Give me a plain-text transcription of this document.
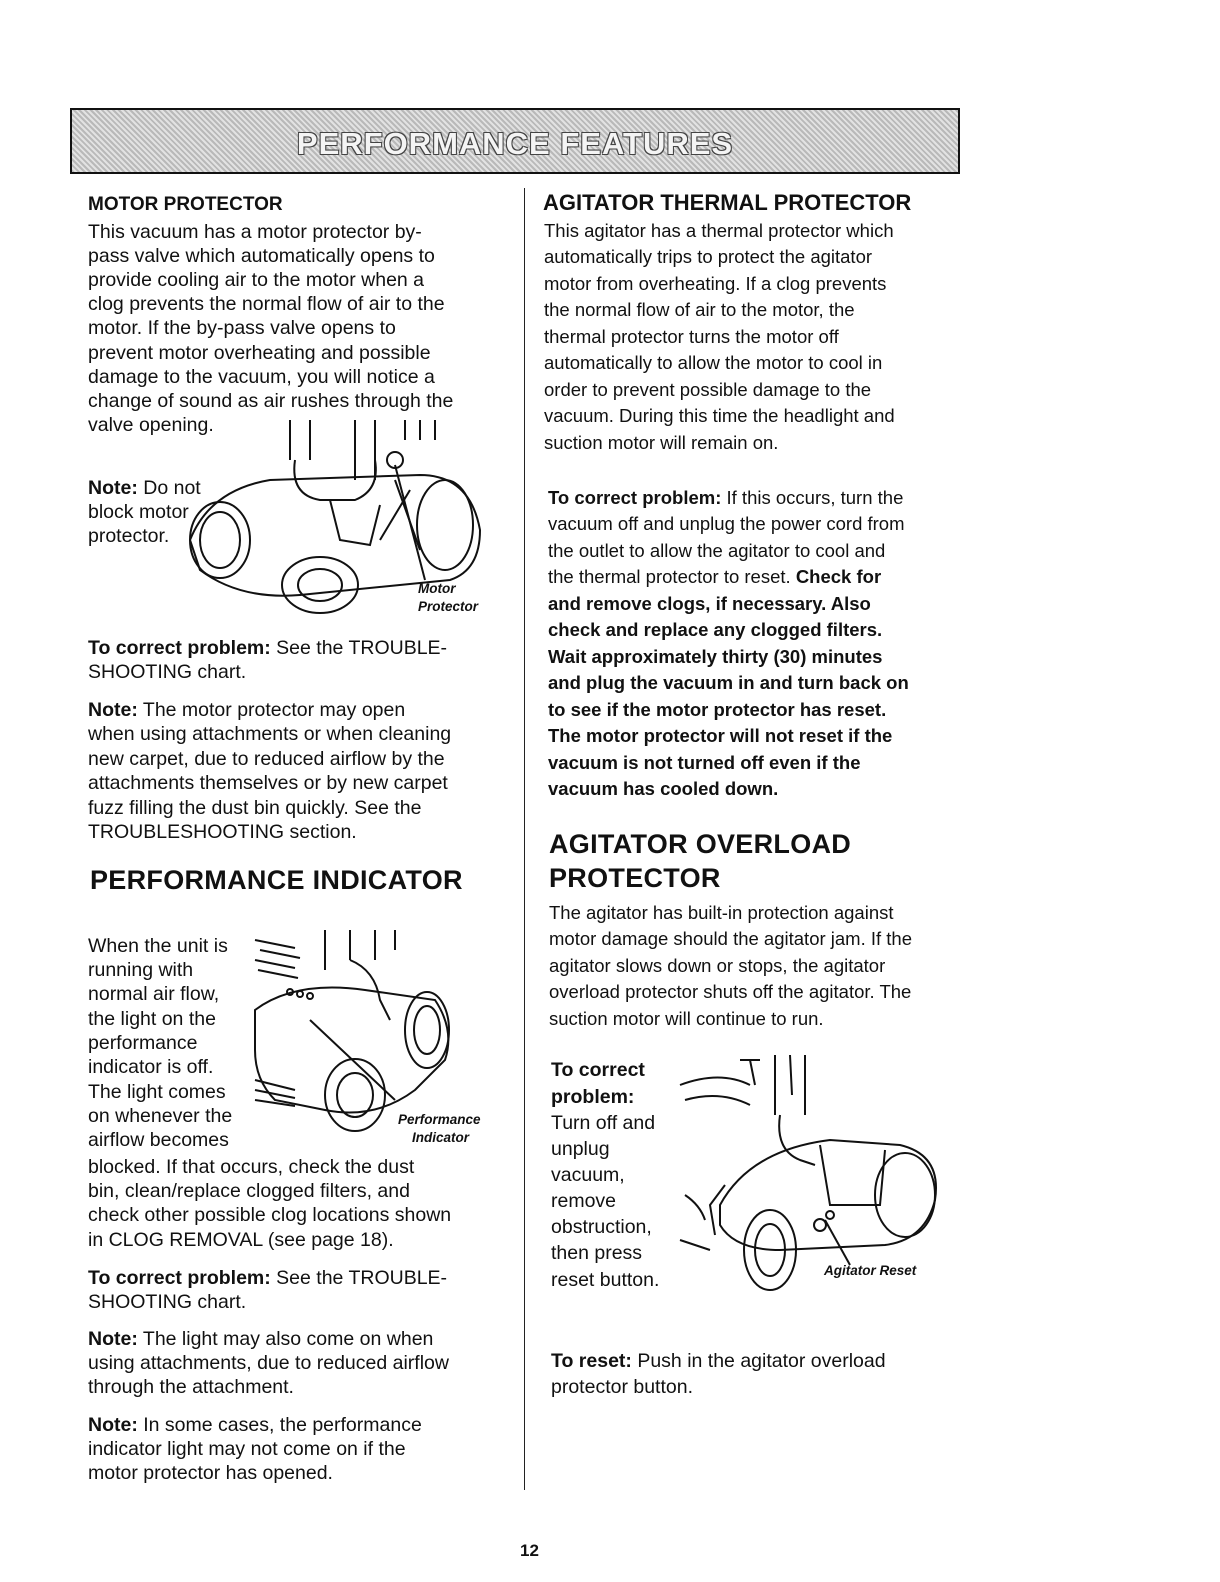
PERFORMANCE FEATURES

MOTOR PROTECTOR

This vacuum has a motor protector by-

pass valve which automatically opens to

provide cooling air to the motor when a

clog prevents the normal flow of air to the

motor. If the by-pass valve opens to

prevent motor overheating and possible

damage to the vacuum, you will notice a

change of sound as air rushes through the

valve opening.

Note: Do not

block motor

protector.

Motor

Protector

To correct problem: See the TROUBLE-

SHOOTING chart.

Note: The motor protector may open

when using attachments or when cleaning

new carpet, due to reduced airflow by the

attachments themselves or by new carpet

fuzz filling the dust bin quickly. See the

TROUBLESHOOTING section.

PERFORMANCE INDICATOR

When the unit is

running with

normal air flow,

the light on the

performance

indicator is off.

The light comes

on whenever the

airflow becomes

Performance

Indicator

blocked. If that occurs, check the dust

bin, clean/replace clogged filters, and

check other possible clog locations shown

in CLOG REMOVAL (see page 18).

To correct problem: See the TROUBLE-

SHOOTING chart.

Note: The light may also come on when

using attachments, due to reduced airflow

through the attachment.

Note: In some cases, the performance

indicator light may not come on if the

motor protector has opened.

AGITATOR THERMAL PROTECTOR

This agitator has a thermal protector which

automatically trips to protect the agitator

motor from overheating. If a clog prevents

the normal flow of air to the motor, the

thermal protector turns the motor off

automatically to allow the motor to cool in

order to prevent possible damage to the

vacuum. During this time the headlight and

suction motor will remain on.

To correct problem: If this occurs, turn the

vacuum off and unplug the power cord from

the outlet to allow the agitator to cool and

the thermal protector to reset. Check for

and remove clogs, if necessary. Also

check and replace any clogged filters.

Wait approximately thirty (30) minutes

and plug the vacuum in and turn back on

to see if the motor protector has reset.

The motor protector will not reset if the

vacuum is not turned off even if the

vacuum has cooled down.

AGITATOR OVERLOAD

PROTECTOR

The agitator has built-in protection against

motor damage should the agitator jam. If the

agitator slows down or stops, the agitator

overload protector shuts off the agitator. The

suction motor will continue to run.

To correct

problem:

Turn off and

unplug

vacuum,

remove

obstruction,

then press

reset button.	Agitator Reset

To reset: Push in the agitator overload

protector button.

12
